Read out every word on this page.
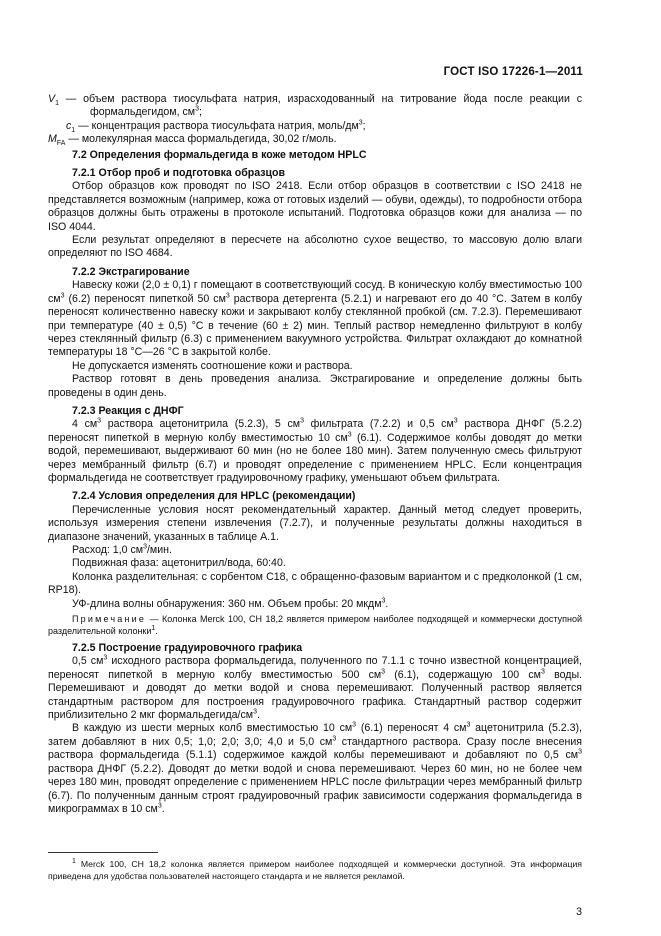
ГОСТ ISO 17226-1—2011

$V_1$ — объем раствора тиосульфата натрия, израсходованный на титрование йода после реакции с формальдегидом, $см^3$;

$c_1$ — концентрация раствора тиосульфата натрия, моль/$дм^3$;

$M_{FA}$ — молекулярная масса формальдегида, 30,02 г/моль.

7.2 Определения формальдегида в коже методом HPLC

7.2.1 Отбор проб и подготовка образцов

Отбор образцов кож проводят по ISO 2418. Если отбор образцов в соответствии с ISO 2418 не представляется возможным (например, кожа от готовых изделий — обуви, одежды), то подробности отбора образцов должны быть отражены в протоколе испытаний. Подготовка образцов кожи для анализа — по ISO 4044.

Если результат определяют в пересчете на абсолютно сухое вещество, то массовую долю влаги определяют по ISO 4684.

7.2.2 Экстрагирование

Навеску кожи (2,0 ± 0,1) г помещают в соответствующий сосуд. В коническую колбу вместимостью 100 $см^3$ (6.2) переносят пипеткой 50 $см^3$ раствора детергента (5.2.1) и нагревают его до 40 °С. Затем в колбу переносят количественно навеску кожи и закрывают колбу стеклянной пробкой (см. 7.2.3). Перемешивают при температуре (40 ± 0,5) °С в течение (60 ± 2) мин. Теплый раствор немедленно фильтруют в колбу через стеклянный фильтр (6.3) с применением вакуумного устройства. Фильтрат охлаждают до комнатной температуры 18 °С—26 °С в закрытой колбе.

Не допускается изменять соотношение кожи и раствора.

Раствор готовят в день проведения анализа. Экстрагирование и определение должны быть проведены в один день.

7.2.3 Реакция с ДНФГ

4 $см^3$ раствора ацетонитрила (5.2.3), 5 $см^3$ фильтрата (7.2.2) и 0,5 $см^3$ раствора ДНФГ (5.2.2) переносят пипеткой в мерную колбу вместимостью 10 $см^3$ (6.1). Содержимое колбы доводят до метки водой, перемешивают, выдерживают 60 мин (но не более 180 мин). Затем полученную смесь фильтруют через мембранный фильтр (6.7) и проводят определение с применением HPLC. Если концентрация формальдегида не соответствует градуировочному графику, уменьшают объем фильтрата.

7.2.4 Условия определения для HPLC (рекомендации)

Перечисленные условия носят рекомендательный характер. Данный метод следует проверить, используя измерения степени извлечения (7.2.7), и полученные результаты должны находиться в диапазоне значений, указанных в таблице А.1.

Расход: 1,0 $см^3$/мин.

Подвижная фаза: ацетонитрил/вода, 60:40.

Колонка разделительная: с сорбентом С18, с обращенно-фазовым вариантом и с предколонкой (1 см, RP18).

УФ-длина волны обнаружения: 360 нм. Объем пробы: 20 мкдм$^3$.

Примечание — Колонка Merck 100, СН 18,2 является примером наиболее подходящей и коммерчески доступной разделительной колонки$^1$.

7.2.5 Построение градуировочного графика

0,5 $см^3$ исходного раствора формальдегида, полученного по 7.1.1 с точно известной концентрацией, переносят пипеткой в мерную колбу вместимостью 500 $см^3$ (6.1), содержащую 100 $см^3$ воды. Перемешивают и доводят до метки водой и снова перемешивают. Полученный раствор является стандартным раствором для построения градуировочного графика. Стандартный раствор содержит приблизительно 2 мкг формальдегида/$см^3$.

В каждую из шести мерных колб вместимостью 10 $см^3$ (6.1) переносят 4 $см^3$ ацетонитрила (5.2.3), затем добавляют в них 0,5; 1,0; 2,0; 3,0; 4,0 и 5,0 $см^3$ стандартного раствора. Сразу после внесения раствора формальдегида (5.1.1) содержимое каждой колбы перемешивают и добавляют по 0,5 $см^3$ раствора ДНФГ (5.2.2). Доводят до метки водой и снова перемешивают. Через 60 мин, но не более чем через 180 мин, проводят определение с применением HPLC после фильтрации через мембранный фильтр (6.7). По полученным данным строят градуировочный график зависимости содержания формальдегида в микрограммах в 10 $см^3$.

$^1$ Merck 100, СН 18,2 колонка является примером наиболее подходящей и коммерчески доступной. Эта информация приведена для удобства пользователей настоящего стандарта и не является рекламой.

3
